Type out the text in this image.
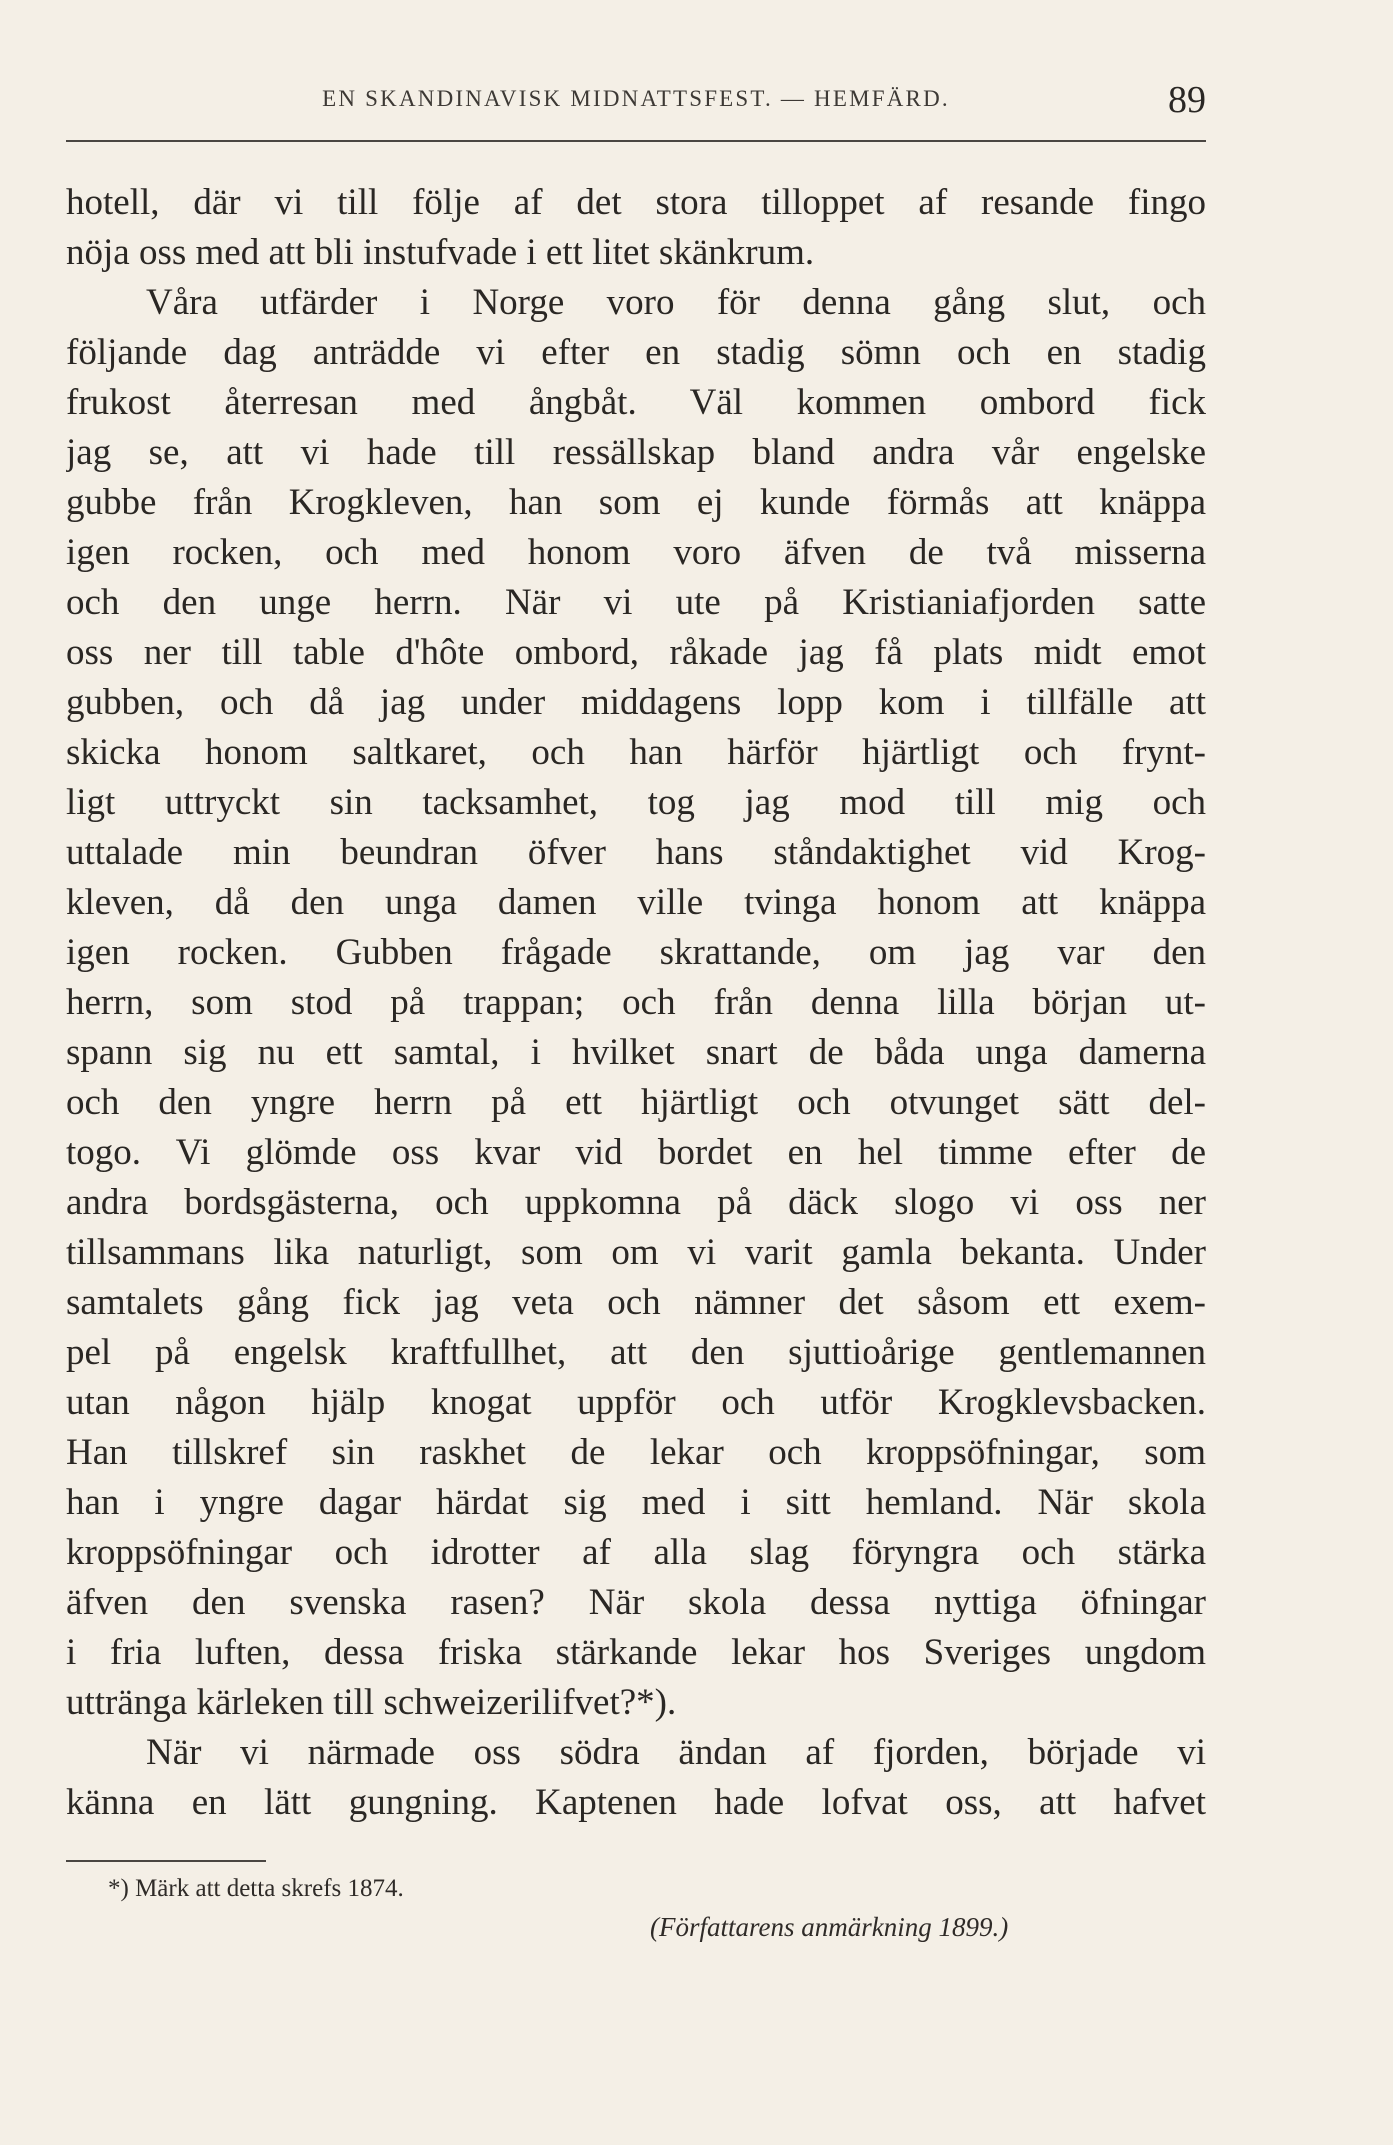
EN SKANDINAVISK MIDNATTSFEST. — HEMFÄRD.	89
hotell, där vi till följe af det stora tilloppet af resande fingo
nöja oss med att bli instufvade i ett litet skänkrum.
Våra utfärder i Norge voro för denna gång slut, och
följande dag anträdde vi efter en stadig sömn och en stadig
frukost återresan med ångbåt. Väl kommen ombord fick
jag se, att vi hade till ressällskap bland andra vår engelske
gubbe från Krogkleven, han som ej kunde förmås att knäppa
igen rocken, och med honom voro äfven de två misserna
och den unge herrn. När vi ute på Kristianiafjorden satte
oss ner till table d'hôte ombord, råkade jag få plats midt emot
gubben, och då jag under middagens lopp kom i tillfälle att
skicka honom saltkaret, och han härför hjärtligt och frynt-
ligt uttryckt sin tacksamhet, tog jag mod till mig och
uttalade min beundran öfver hans ståndaktighet vid Krog-
kleven, då den unga damen ville tvinga honom att knäppa
igen rocken. Gubben frågade skrattande, om jag var den
herrn, som stod på trappan; och från denna lilla början ut-
spann sig nu ett samtal, i hvilket snart de båda unga damerna
och den yngre herrn på ett hjärtligt och otvunget sätt del-
togo. Vi glömde oss kvar vid bordet en hel timme efter de
andra bordsgästerna, och uppkomna på däck slogo vi oss ner
tillsammans lika naturligt, som om vi varit gamla bekanta. Under
samtalets gång fick jag veta och nämner det såsom ett exem-
pel på engelsk kraftfullhet, att den sjuttioårige gentlemannen
utan någon hjälp knogat uppför och utför Krogklevsbacken.
Han tillskref sin raskhet de lekar och kroppsöfningar, som
han i yngre dagar härdat sig med i sitt hemland. När skola
kroppsöfningar och idrotter af alla slag föryngra och stärka
äfven den svenska rasen? När skola dessa nyttiga öfningar
i fria luften, dessa friska stärkande lekar hos Sveriges ungdom
uttränga kärleken till schweizerilifvet?*).
När vi närmade oss södra ändan af fjorden, började vi
känna en lätt gungning. Kaptenen hade lofvat oss, att hafvet
*) Märk att detta skrefs 1874.
(Författarens anmärkning 1899.)
